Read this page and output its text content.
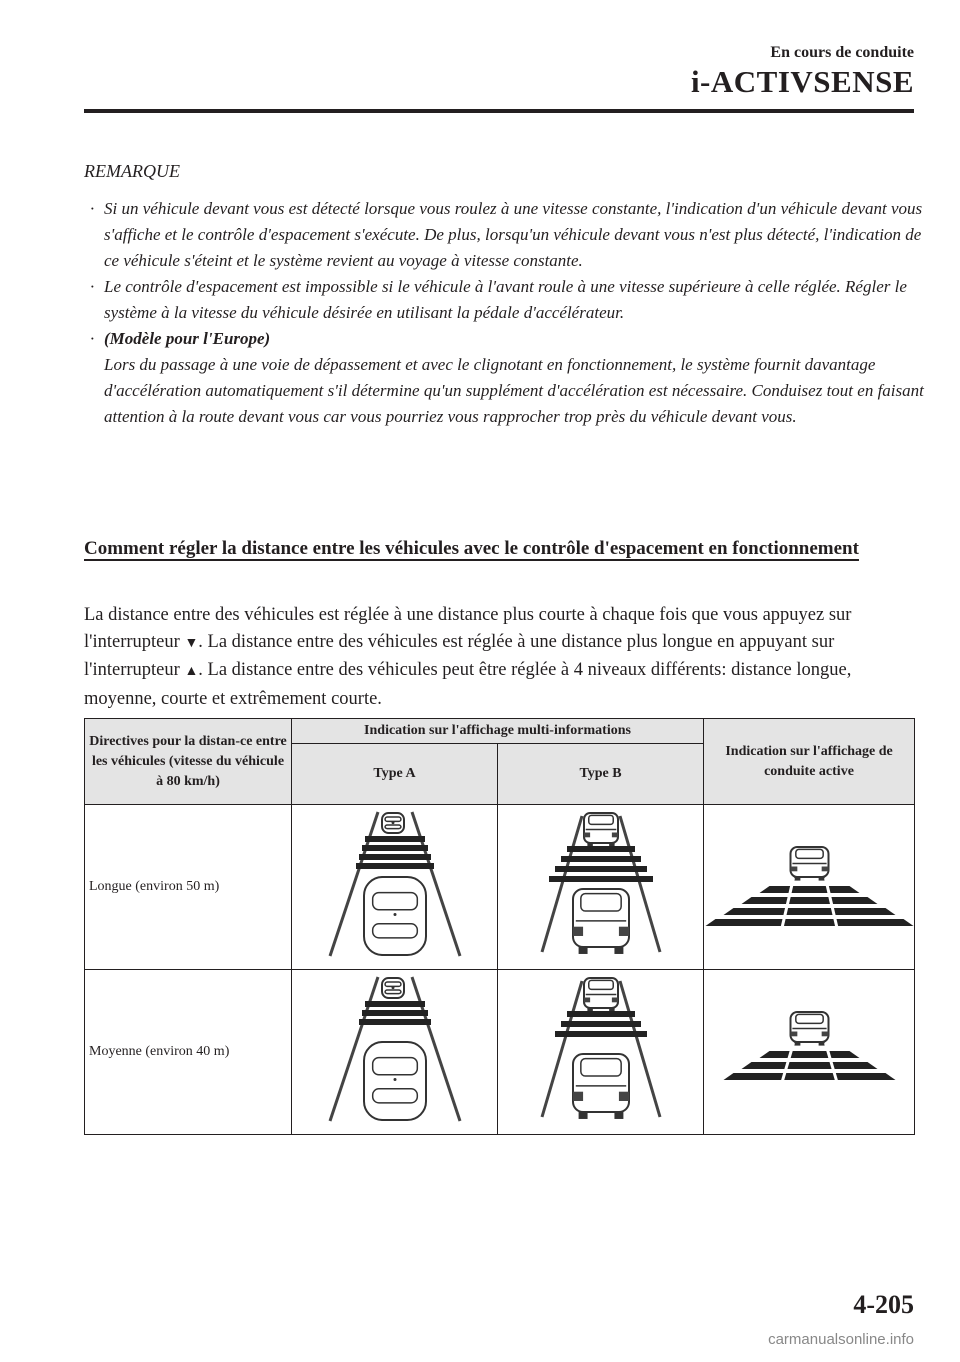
En cours de conduite
i-ACTIVSENSE
REMARQUE
· Si un véhicule devant vous est détecté lorsque vous roulez à une vitesse constante, l'indication d'un véhicule devant vous s'affiche et le contrôle d'espacement s'exécute. De plus, lorsqu'un véhicule devant vous n'est plus détecté, l'indication de ce véhicule s'éteint et le système revient au voyage à vitesse constante.
· Le contrôle d'espacement est impossible si le véhicule à l'avant roule à une vitesse supérieure à celle réglée. Régler le système à la vitesse du véhicule désirée en utilisant la pédale d'accélérateur.
· (Modèle pour l'Europe)
Lors du passage à une voie de dépassement et avec le clignotant en fonctionnement, le système fournit davantage d'accélération automatiquement s'il détermine qu'un supplément d'accélération est nécessaire. Conduisez tout en faisant attention à la route devant vous car vous pourriez vous rapprocher trop près du véhicule devant vous.
Comment régler la distance entre les véhicules avec le contrôle d'espacement en fonctionnement
La distance entre des véhicules est réglée à une distance plus courte à chaque fois que vous appuyez sur l'interrupteur ▼. La distance entre des véhicules est réglée à une distance plus longue en appuyant sur l'interrupteur ▲. La distance entre des véhicules peut être réglée à 4 niveaux différents: distance longue, moyenne, courte et extrêmement courte.
Directives pour la distan-ce entre les véhicules (vitesse du véhicule à 80 km/h)	Indication sur l'affichage multi-informations		Indication sur l'affichage de conduite active
	Type A	Type B	
Longue (environ 50 m)			
Moyenne (environ 40 m)			
4-205
carmanualsonline.info
